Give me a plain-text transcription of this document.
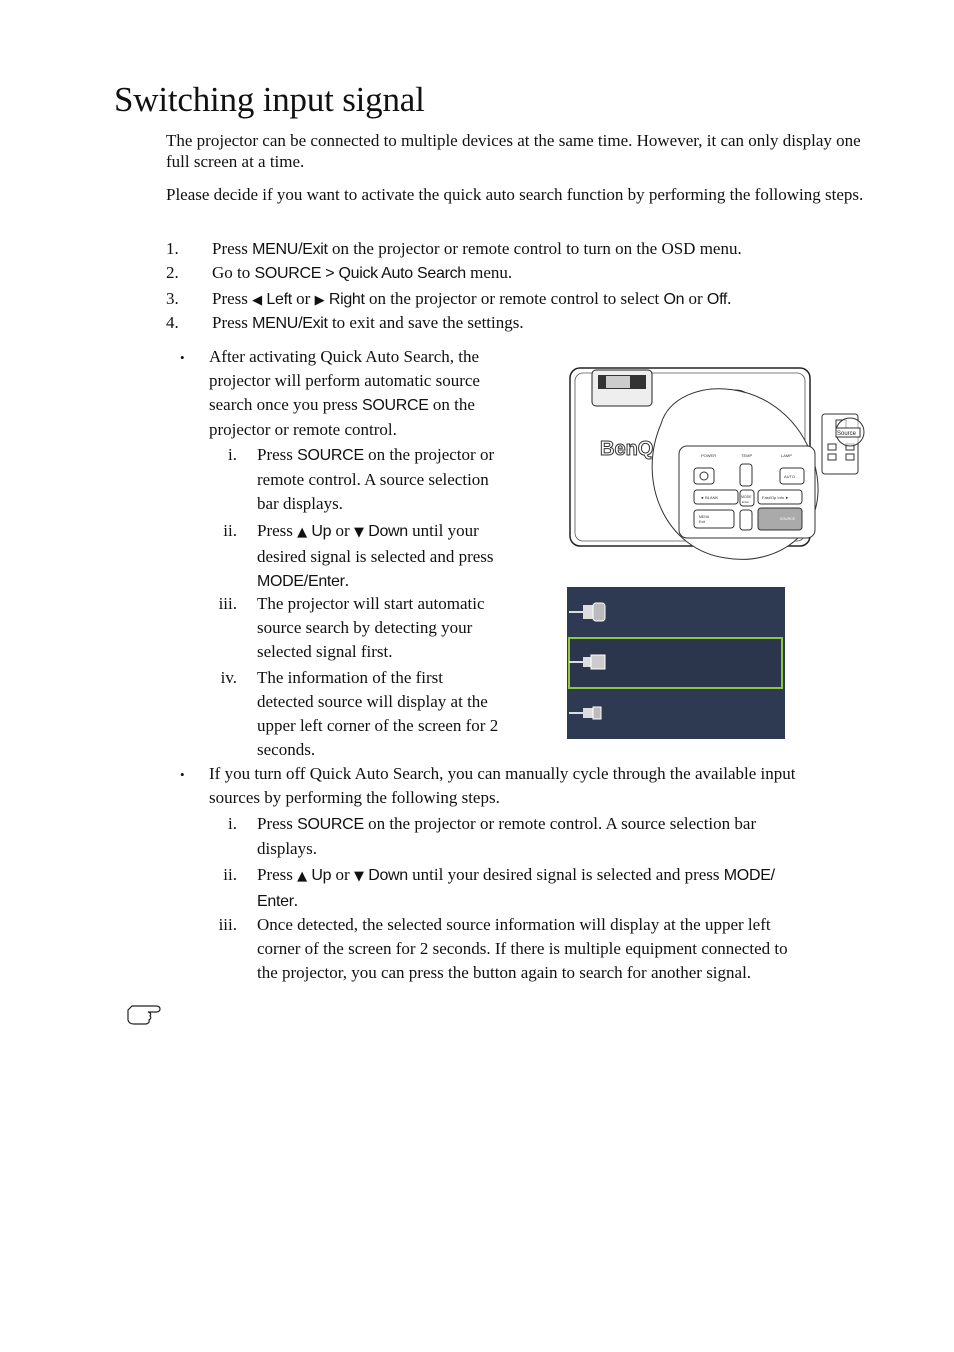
Switching input signal

The projector can be connected to multiple devices at the same time. However, it can only display one full screen at a time.

Please decide if you want to activate the quick auto search function by performing the following steps.

1. Press MENU/Exit on the projector or remote control to turn on the OSD menu.
2. Go to SOURCE > Quick Auto Search menu.
3. Press ◀ Left or ▶ Right on the projector or remote control to select On or Off.
4. Press MENU/Exit to exit and save the settings.
• After activating Quick Auto Search, the
projector will perform automatic source
search once you press SOURCE on the
projector or remote control.
i. Press SOURCE on the projector or
remote control. A source selection
bar displays.
ii. Press ▲ Up or ▼ Down until your
desired signal is selected and press
MODE/Enter.
iii. The projector will start automatic
source search by detecting your
selected signal first.
iv. The information of the first
detected source will display at the
upper left corner of the screen for 2
seconds.
• If you turn off Quick Auto Search, you can manually cycle through the available input
sources by performing the following steps.
i. Press SOURCE on the projector or remote control. A source selection bar
displays.
ii. Press ▲ Up or ▼ Down until your desired signal is selected and press MODE/
Enter.
iii. Once detected, the selected source information will display at the upper left
corner of the screen for 2 seconds. If there is multiple equipment connected to
the projector, you can press the button again to search for another signal.
BenQ	POWER	TEMP	LAMP
AUTO
◄ BLANK	MODE
Enter
Fast/Op Info ►
MENU
Exit
SOURCE
Source
